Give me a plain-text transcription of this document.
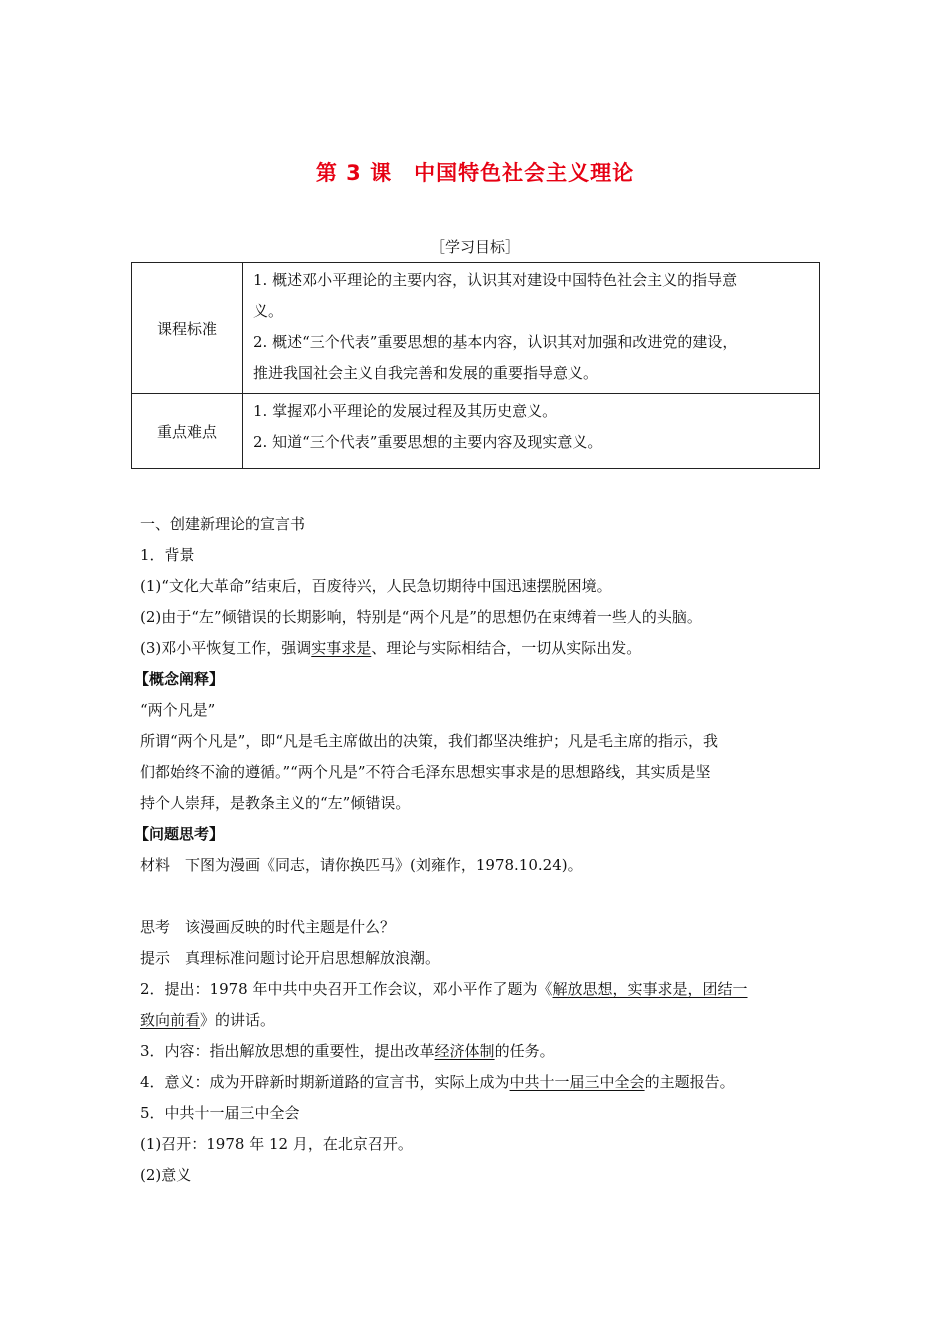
第 3 课　中国特色社会主义理论
［学习目标］
课程标准	1. 概述邓小平理论的主要内容，认识其对建设中国特色社会主义的指导意

义。

2. 概述“三个代表”重要思想的基本内容，认识其对加强和改进党的建设，

推进我国社会主义自我完善和发展的重要指导意义。

重点难点	1. 掌握邓小平理论的发展过程及其历史意义。

2. 知道“三个代表”重要思想的主要内容及现实意义。

一、创建新理论的宣言书

1．背景

(1)“文化大革命”结束后，百废待兴，人民急切期待中国迅速摆脱困境。

(2)由于“左”倾错误的长期影响，特别是“两个凡是”的思想仍在束缚着一些人的头脑。

(3)邓小平恢复工作，强调实事求是、理论与实际相结合，一切从实际出发。

【概念阐释】

“两个凡是”

所谓“两个凡是”，即“凡是毛主席做出的决策，我们都坚决维护；凡是毛主席的指示，我

们都始终不渝的遵循。”“两个凡是”不符合毛泽东思想实事求是的思想路线，其实质是坚

持个人崇拜，是教条主义的“左”倾错误。

【问题思考】

材料　下图为漫画《同志，请你换匹马》(刘雍作，1978.10.24)。

思考　该漫画反映的时代主题是什么？

提示　真理标准问题讨论开启思想解放浪潮。

2．提出：1978 年中共中央召开工作会议，邓小平作了题为《解放思想，实事求是，团结一

致向前看》的讲话。

3．内容：指出解放思想的重要性，提出改革经济体制的任务。

4．意义：成为开辟新时期新道路的宣言书，实际上成为中共十一届三中全会的主题报告。

5．中共十一届三中全会

(1)召开：1978 年 12 月，在北京召开。

(2)意义
